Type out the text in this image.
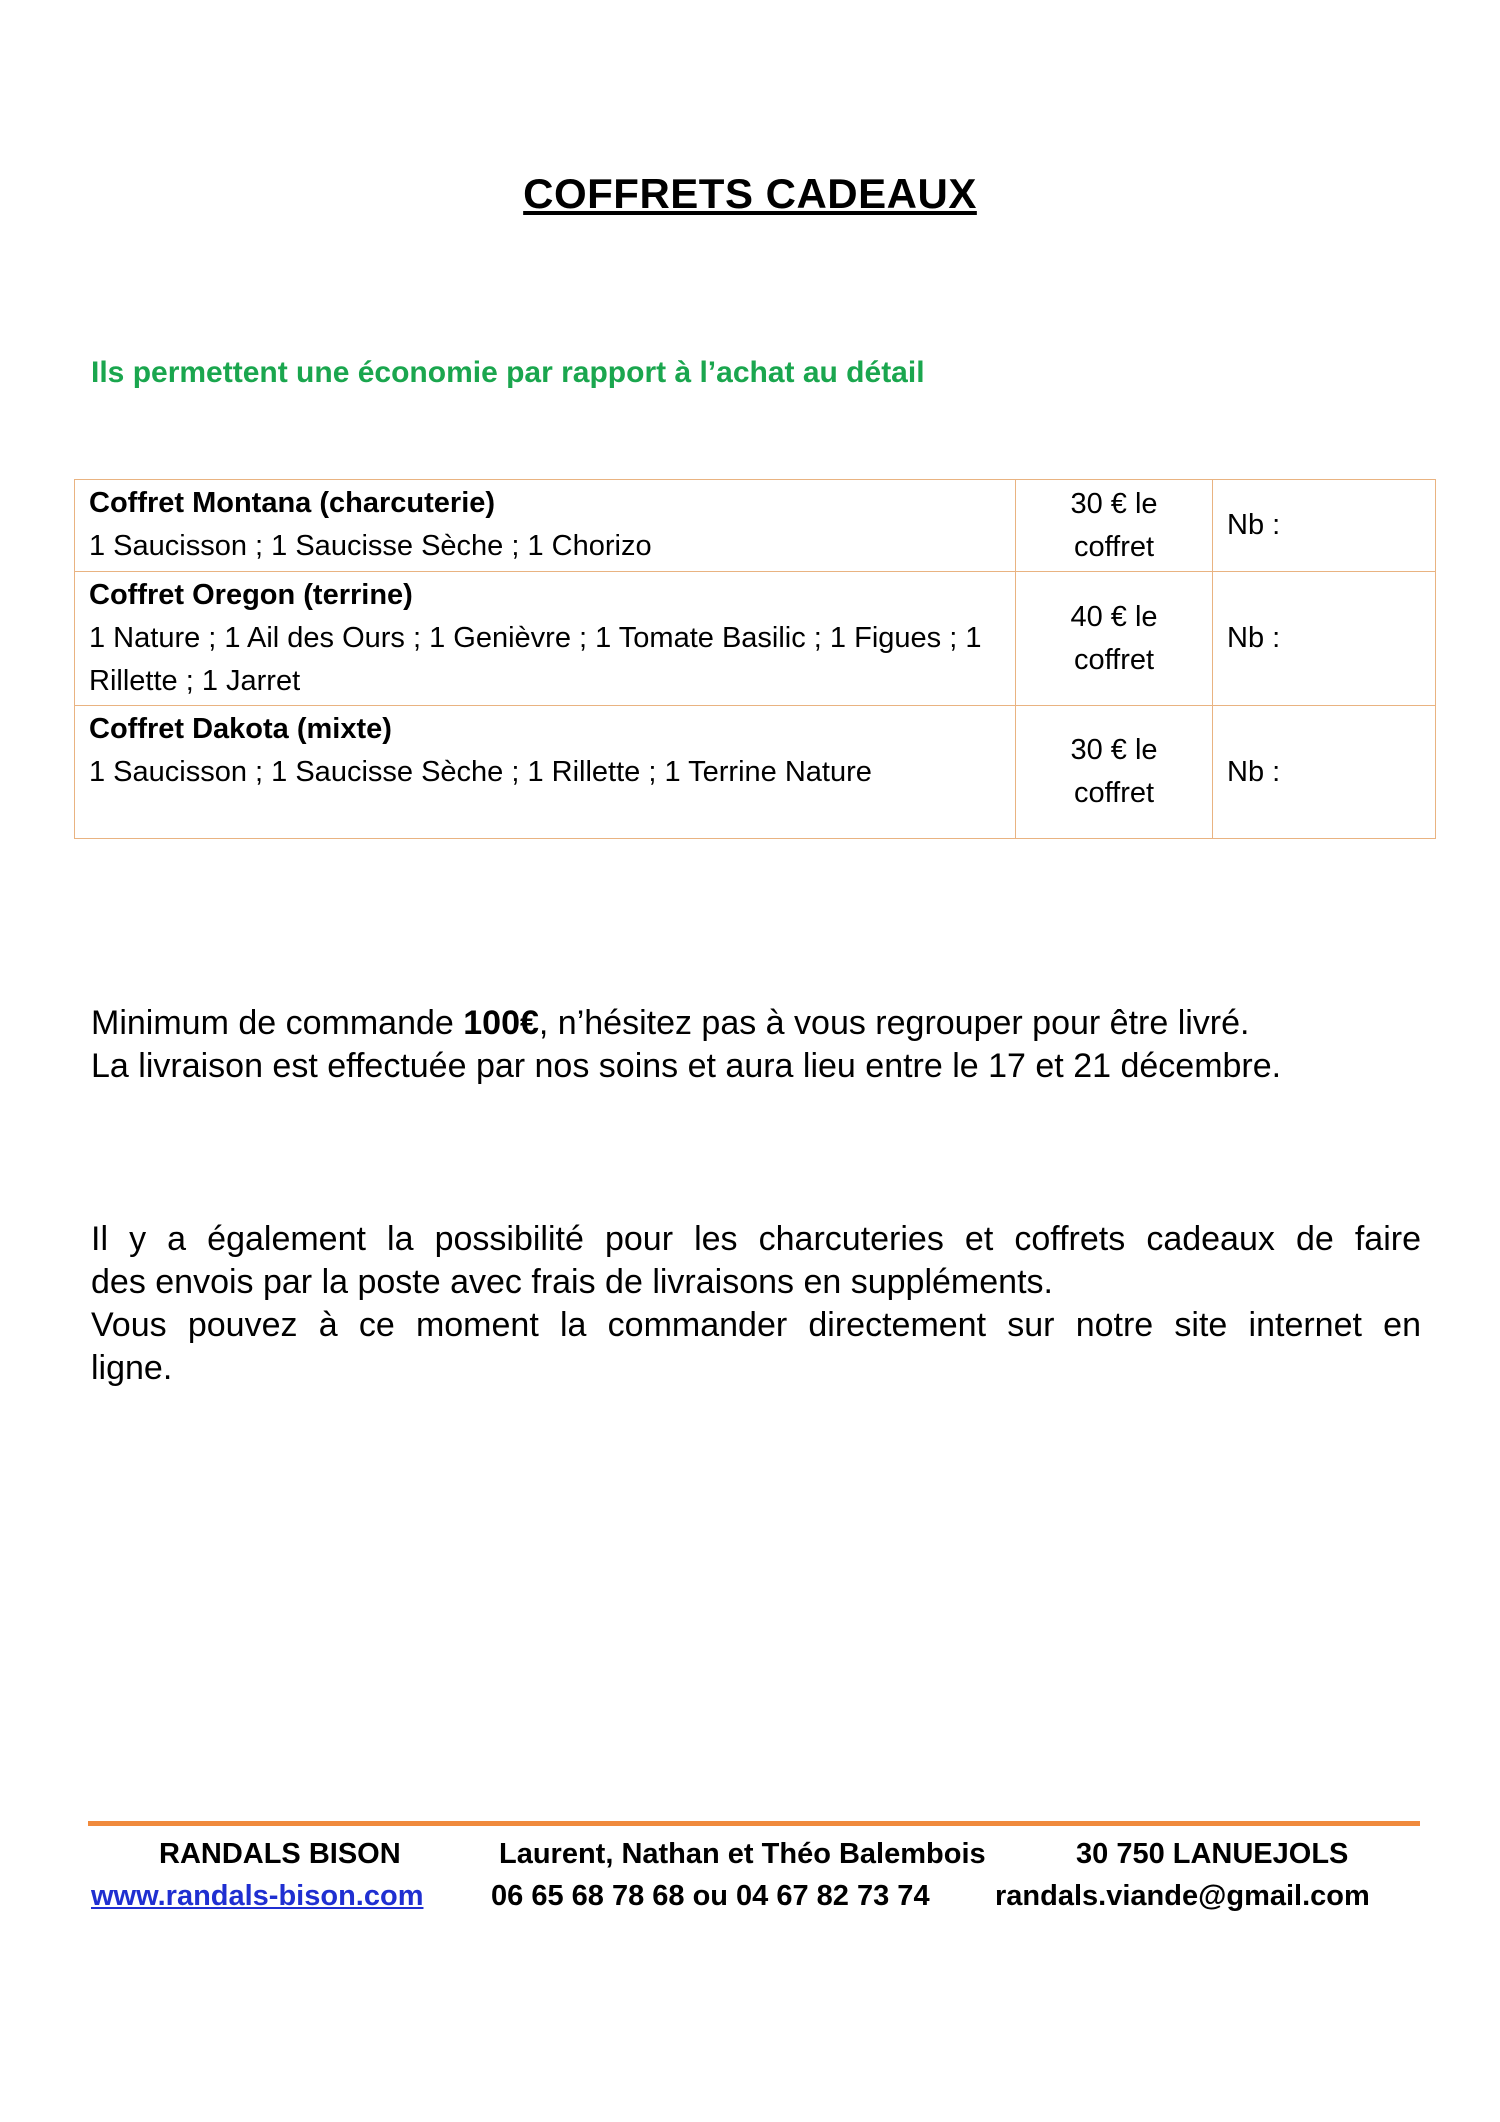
COFFRETS CADEAUX
Ils permettent une économie par rapport à l’achat au détail
Coffret Montana (charcuterie)
1 Saucisson ; 1 Saucisse Sèche ; 1 Chorizo	30 € le
coffret	Nb :

Coffret Oregon (terrine)
1 Nature ; 1 Ail des Ours ; 1 Genièvre ; 1 Tomate Basilic ; 1 Figues ; 1 Rillette ; 1 Jarret	40 € le
coffret	Nb :

Coffret Dakota (mixte)
1 Saucisson ; 1 Saucisse Sèche ; 1 Rillette ; 1 Terrine Nature	30 € le
coffret	Nb :
Minimum de commande 100€, n’hésitez pas à vous regrouper pour être livré.
La livraison est effectuée par nos soins et aura lieu entre le 17 et 21 décembre.

Il y a également la possibilité pour les charcuteries et coffrets cadeaux de faire

des envois par la poste avec frais de livraisons en suppléments.

Vous pouvez à ce moment la commander directement sur notre site internet en

ligne.

RANDALS BISON	Laurent, Nathan et Théo Balembois	30 750 LANUEJOLS
www.randals-bison.com 06 65 68 78 68 ou 04 67 82 73 74 randals.viande@gmail.com
